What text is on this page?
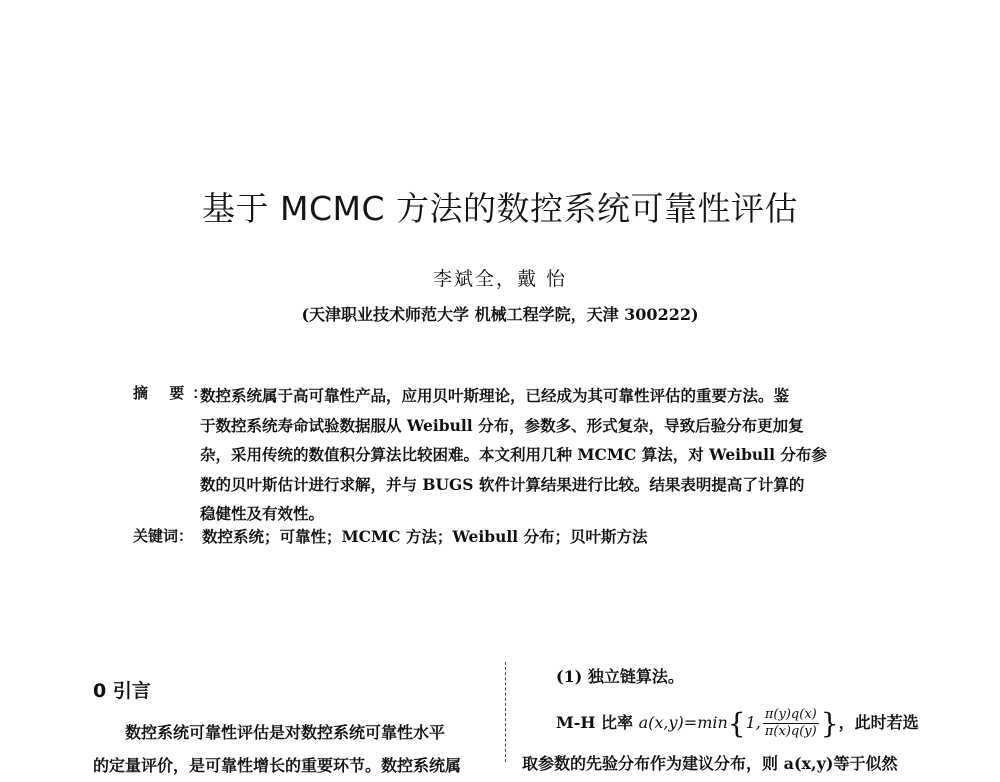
基于 MCMC 方法的数控系统可靠性评估
李斌全，戴 怡
(天津职业技术师范大学 机械工程学院，天津 300222)
摘 要：
数控系统属于高可靠性产品，应用贝叶斯理论，已经成为其可靠性评估的重要方法。鉴
于数控系统寿命试验数据服从 Weibull 分布，参数多、形式复杂，导致后验分布更加复
杂，采用传统的数值积分算法比较困难。本文利用几种 MCMC 算法，对 Weibull 分布参
数的贝叶斯估计进行求解，并与 BUGS 软件计算结果进行比较。结果表明提高了计算的
稳健性及有效性。
关键词： 数控系统；可靠性；MCMC 方法；Weibull 分布；贝叶斯方法
0 引言
数控系统可靠性评估是对数控系统可靠性水平
的定量评价，是可靠性增长的重要环节。数控系统属
(1) 独立链算法。
M-H 比率 a(x,y)=min{1, $\frac{\pi(y)q(x)}{\pi(x)q(y)}$ }，此时若选
取参数的先验分布作为建议分布，则 a(x,y)等于似然
